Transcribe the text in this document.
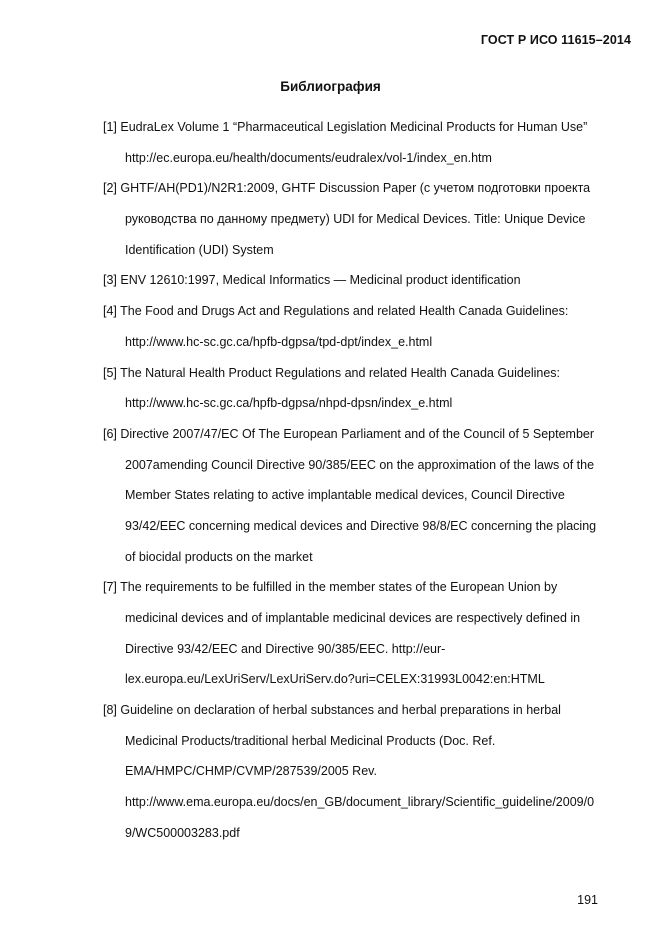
ГОСТ Р ИСО 11615–2014
Библиография
[1] EudraLex Volume 1 “Pharmaceutical Legislation Medicinal Products for Human Use”
http://ec.europa.eu/health/documents/eudralex/vol-1/index_en.htm
[2] GHTF/AH(PD1)/N2R1:2009, GHTF Discussion Paper (с учетом подготовки проекта
руководства по данному предмету) UDI for Medical Devices. Title: Unique Device
Identification (UDI) System
[3] ENV 12610:1997, Medical Informatics — Medicinal product identification
[4] The Food and Drugs Act and Regulations and related Health Canada Guidelines:
http://www.hc-sc.gc.ca/hpfb-dgpsa/tpd-dpt/index_e.html
[5] The Natural Health Product Regulations and related Health Canada Guidelines:
http://www.hc-sc.gc.ca/hpfb-dgpsa/nhpd-dpsn/index_e.html
[6] Directive 2007/47/EC Of The European Parliament and of the Council of 5 September
2007amending Council Directive 90/385/EEC on the approximation of the laws of the
Member States relating to active implantable medical devices, Council Directive
93/42/EEC concerning medical devices and Directive 98/8/EC concerning the placing
of biocidal products on the market
[7] The requirements to be fulfilled in the member states of the European Union by
medicinal devices and of implantable medicinal devices are respectively defined in
Directive 93/42/EEC and Directive 90/385/EEC. http://eur-
lex.europa.eu/LexUriServ/LexUriServ.do?uri=CELEX:31993L0042:en:HTML
[8] Guideline on declaration of herbal substances and herbal preparations in herbal
Medicinal Products/traditional herbal Medicinal Products (Doc. Ref.
EMA/HMPC/CHMP/CVMP/287539/2005 Rev.
http://www.ema.europa.eu/docs/en_GB/document_library/Scientific_guideline/2009/0
9/WC500003283.pdf
191
